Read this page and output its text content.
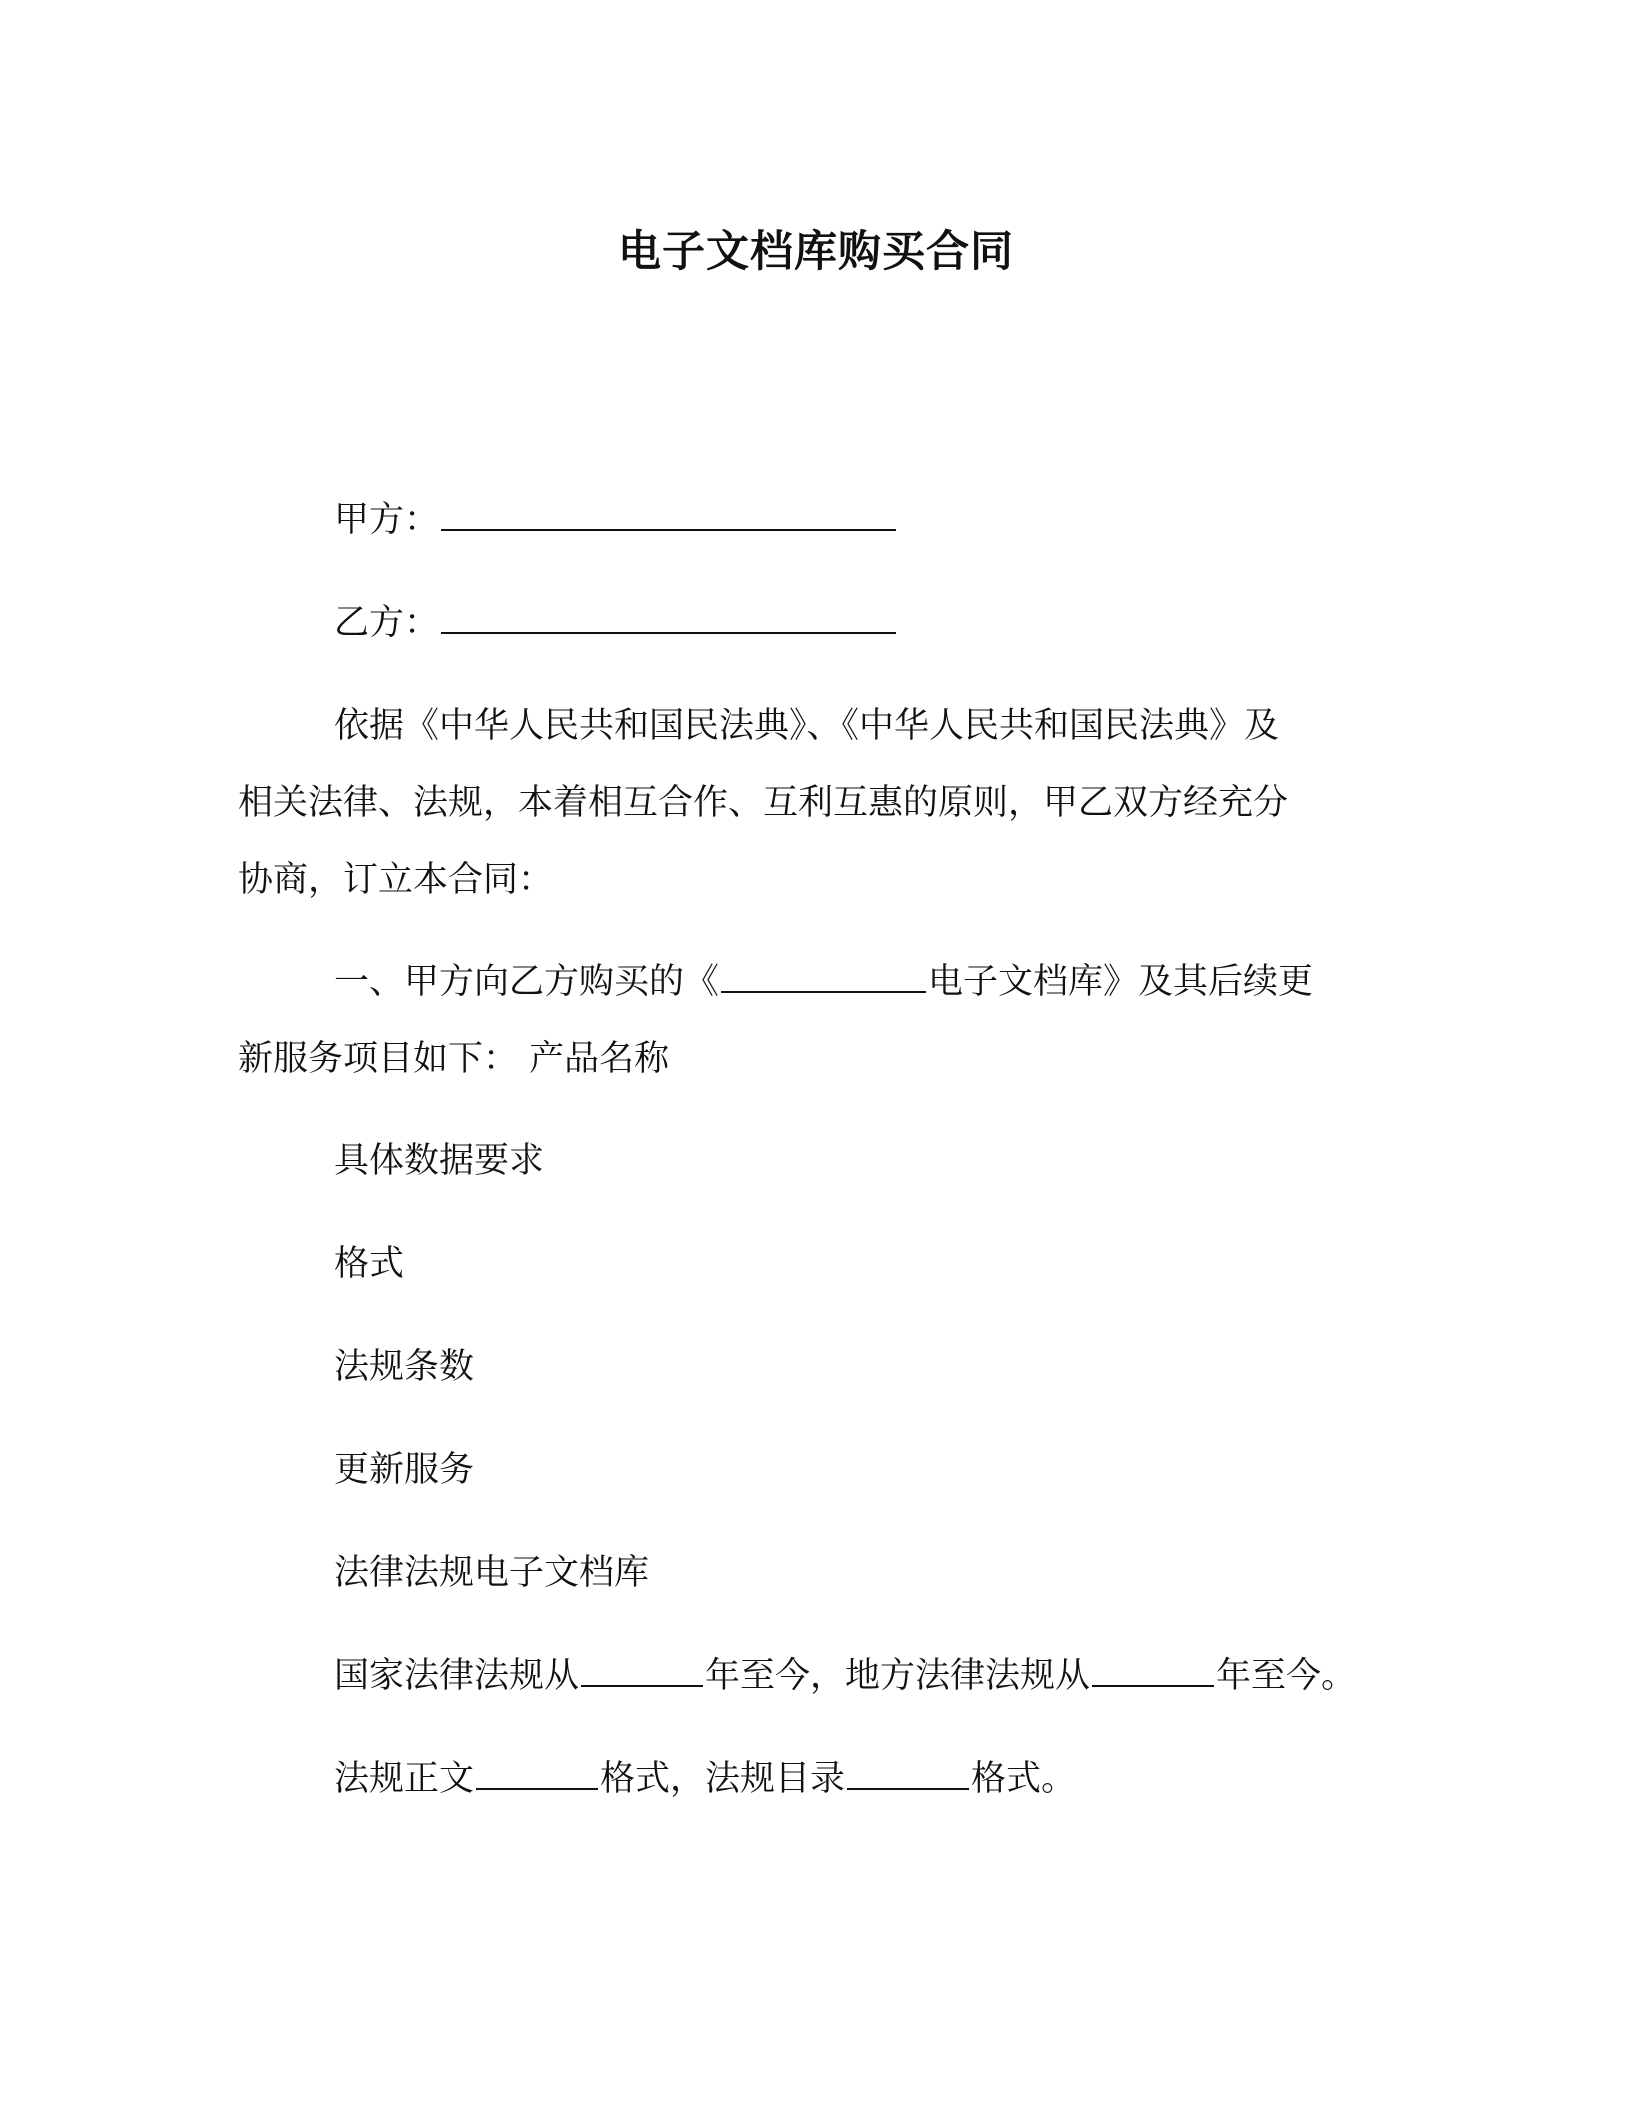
电子文档库购买合同
甲方：
乙方：
依据《中华人民共和国民法典》、《中华人民共和国民法典》及
相关法律、法规，本着相互合作、互利互惠的原则，甲乙双方经充分
协商，订立本合同：
一、甲方向乙方购买的《	电子文档库》及其后续更
新服务项目如下： 产品名称
具体数据要求
格式
法规条数
更新服务
法律法规电子文档库
国家法律法规从	年至今，地方法律法规从	年至今。
法规正文	格式，法规目录	格式。
